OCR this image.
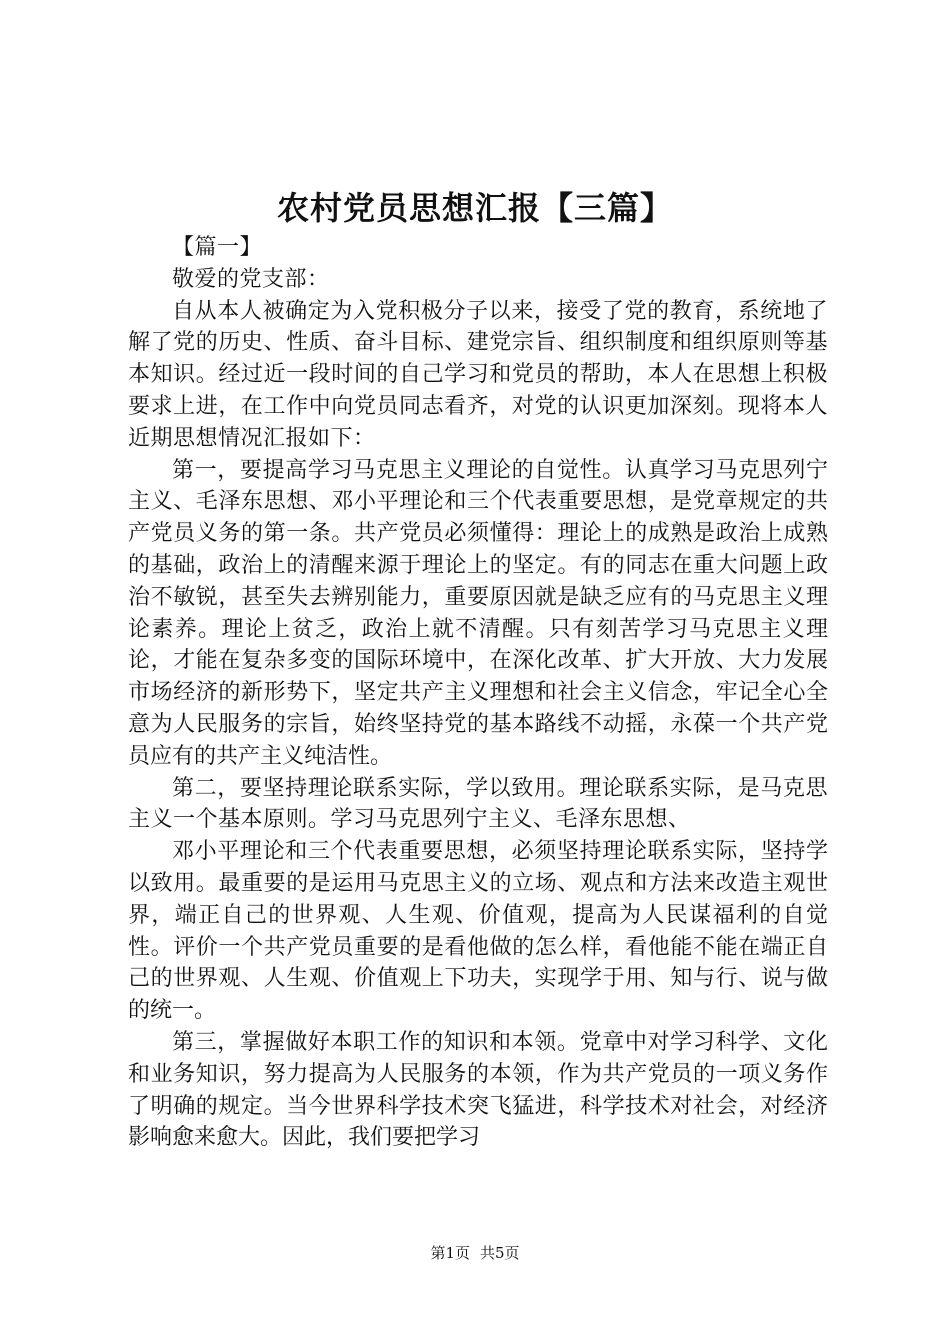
农村党员思想汇报【三篇】

【篇一】

敬爱的党支部：

自从本人被确定为入党积极分子以来，接受了党的教育，系统地了解了党的历史、性质、奋斗目标、建党宗旨、组织制度和组织原则等基本知识。经过近一段时间的自己学习和党员的帮助，本人在思想上积极要求上进，在工作中向党员同志看齐，对党的认识更加深刻。现将本人近期思想情况汇报如下：

第一，要提高学习马克思主义理论的自觉性。认真学习马克思列宁主义、毛泽东思想、邓小平理论和三个代表重要思想，是党章规定的共产党员义务的第一条。共产党员必须懂得：理论上的成熟是政治上成熟的基础，政治上的清醒来源于理论上的坚定。有的同志在重大问题上政治不敏锐，甚至失去辨别能力，重要原因就是缺乏应有的马克思主义理论素养。理论上贫乏，政治上就不清醒。只有刻苦学习马克思主义理论，才能在复杂多变的国际环境中，在深化改革、扩大开放、大力发展市场经济的新形势下，坚定共产主义理想和社会主义信念，牢记全心全意为人民服务的宗旨，始终坚持党的基本路线不动摇，永葆一个共产党员应有的共产主义纯洁性。

第二，要坚持理论联系实际，学以致用。理论联系实际，是马克思主义一个基本原则。学习马克思列宁主义、毛泽东思想、

邓小平理论和三个代表重要思想，必须坚持理论联系实际，坚持学以致用。最重要的是运用马克思主义的立场、观点和方法来改造主观世界，端正自己的世界观、人生观、价值观，提高为人民谋福利的自觉性。评价一个共产党员重要的是看他做的怎么样，看他能不能在端正自己的世界观、人生观、价值观上下功夫，实现学于用、知与行、说与做的统一。

第三，掌握做好本职工作的知识和本领。党章中对学习科学、文化和业务知识，努力提高为人民服务的本领，作为共产党员的一项义务作了明确的规定。当今世界科学技术突飞猛进，科学技术对社会，对经济影响愈来愈大。因此，我们要把学习

第1页 共5页
